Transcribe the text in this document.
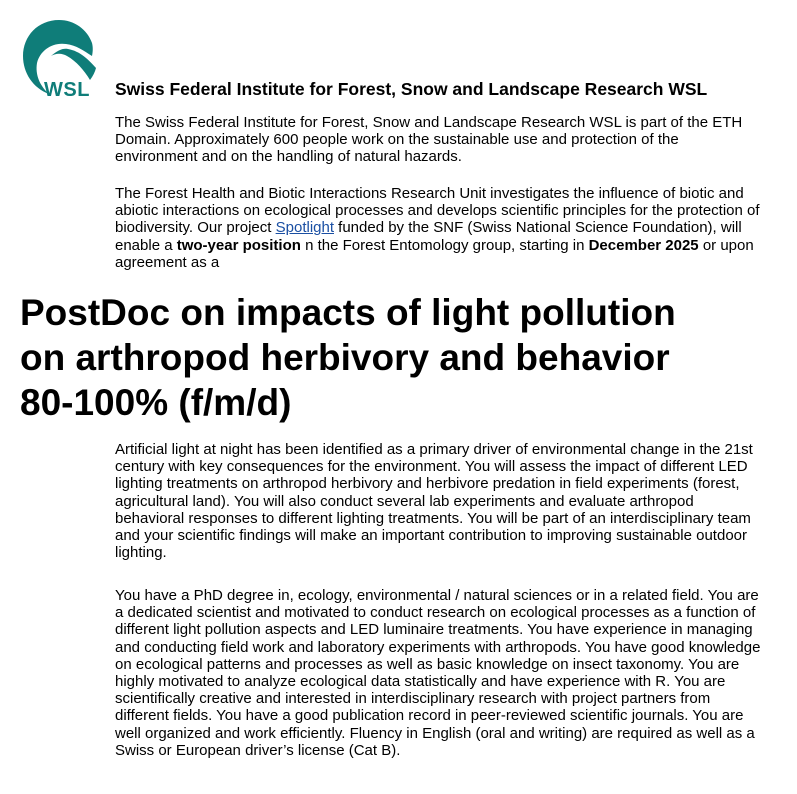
WSL Swiss Federal Institute for Forest, Snow and Landscape Research WSL

The Swiss Federal Institute for Forest, Snow and Landscape Research WSL is part of the ETH Domain. Approximately 600 people work on the sustainable use and protection of the environment and on the handling of natural hazards.

The Forest Health and Biotic Interactions Research Unit investigates the influence of biotic and abiotic interactions on ecological processes and develops scientific principles for the protection of biodiversity. Our project Spotlight funded by the SNF (Swiss National Science Foundation), will enable a two-year position n the Forest Entomology group, starting in December 2025 or upon agreement as a

PostDoc on impacts of light pollution
on arthropod herbivory and behavior
80-100% (f/m/d)

Artificial light at night has been identified as a primary driver of environmental change in the 21st century with key consequences for the environment. You will assess the impact of different LED lighting treatments on arthropod herbivory and herbivore predation in field experiments (forest, agricultural land). You will also conduct several lab experiments and evaluate arthropod behavioral responses to different lighting treatments. You will be part of an interdisciplinary team and your scientific findings will make an important contribution to improving sustainable outdoor lighting.

You have a PhD degree in, ecology, environmental / natural sciences or in a related field. You are a dedicated scientist and motivated to conduct research on ecological processes as a function of different light pollution aspects and LED luminaire treatments. You have experience in managing and conducting field work and laboratory experiments with arthropods. You have good knowledge on ecological patterns and processes as well as basic knowledge on insect taxonomy. You are highly motivated to analyze ecological data statistically and have experience with R. You are scientifically creative and interested in interdisciplinary research with project partners from different fields. You have a good publication record in peer-reviewed scientific journals. You are well organized and work efficiently. Fluency in English (oral and writing) are required as well as a Swiss or European driver’s license (Cat B).
